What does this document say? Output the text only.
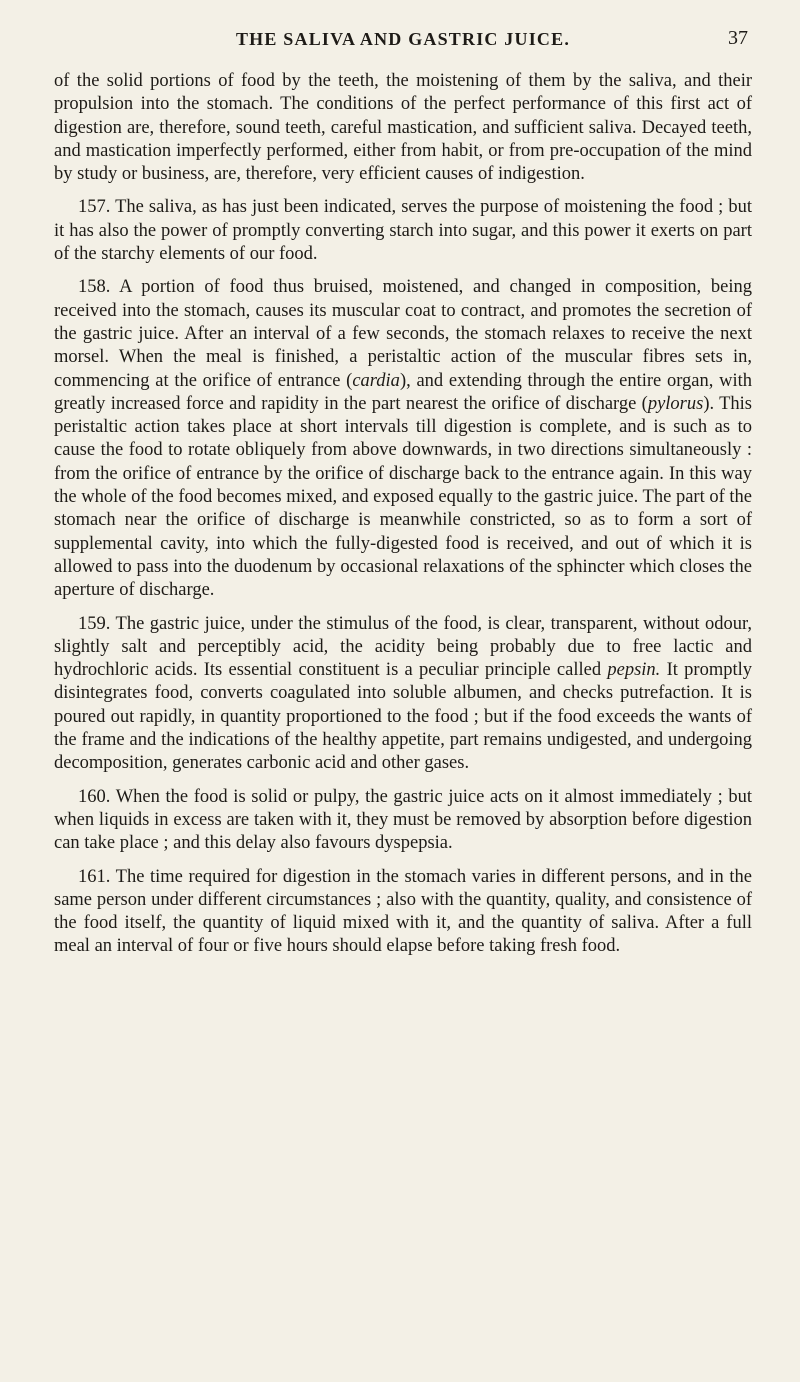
THE SALIVA AND GASTRIC JUICE.	37

of the solid portions of food by the teeth, the moistening of them by the saliva, and their propulsion into the stomach. The conditions of the perfect performance of this first act of digestion are, therefore, sound teeth, careful mastication, and sufficient saliva. Decayed teeth, and mastication imperfectly performed, either from habit, or from pre-occupation of the mind by study or business, are, therefore, very efficient causes of indigestion.

157. The saliva, as has just been indicated, serves the purpose of moistening the food ; but it has also the power of promptly converting starch into sugar, and this power it exerts on part of the starchy elements of our food.

158. A portion of food thus bruised, moistened, and changed in composition, being received into the stomach, causes its muscular coat to contract, and promotes the secretion of the gastric juice. After an interval of a few seconds, the stomach relaxes to receive the next morsel. When the meal is finished, a peristaltic action of the muscular fibres sets in, commencing at the orifice of entrance (cardia), and extending through the entire organ, with greatly increased force and rapidity in the part nearest the orifice of discharge (pylorus). This peristaltic action takes place at short intervals till digestion is complete, and is such as to cause the food to rotate obliquely from above downwards, in two directions simultaneously : from the orifice of entrance by the orifice of discharge back to the entrance again. In this way the whole of the food becomes mixed, and exposed equally to the gastric juice. The part of the stomach near the orifice of discharge is meanwhile constricted, so as to form a sort of supplemental cavity, into which the fully-digested food is received, and out of which it is allowed to pass into the duodenum by occasional relaxations of the sphincter which closes the aperture of discharge.

159. The gastric juice, under the stimulus of the food, is clear, transparent, without odour, slightly salt and perceptibly acid, the acidity being probably due to free lactic and hydrochloric acids. Its essential constituent is a peculiar principle called pepsin. It promptly disintegrates food, converts coagulated into soluble albumen, and checks putrefaction. It is poured out rapidly, in quantity proportioned to the food ; but if the food exceeds the wants of the frame and the indications of the healthy appetite, part remains undigested, and undergoing decomposition, generates carbonic acid and other gases.

160. When the food is solid or pulpy, the gastric juice acts on it almost immediately ; but when liquids in excess are taken with it, they must be removed by absorption before digestion can take place ; and this delay also favours dyspepsia.

161. The time required for digestion in the stomach varies in different persons, and in the same person under different circumstances ; also with the quantity, quality, and consistence of the food itself, the quantity of liquid mixed with it, and the quantity of saliva. After a full meal an interval of four or five hours should elapse before taking fresh food.
